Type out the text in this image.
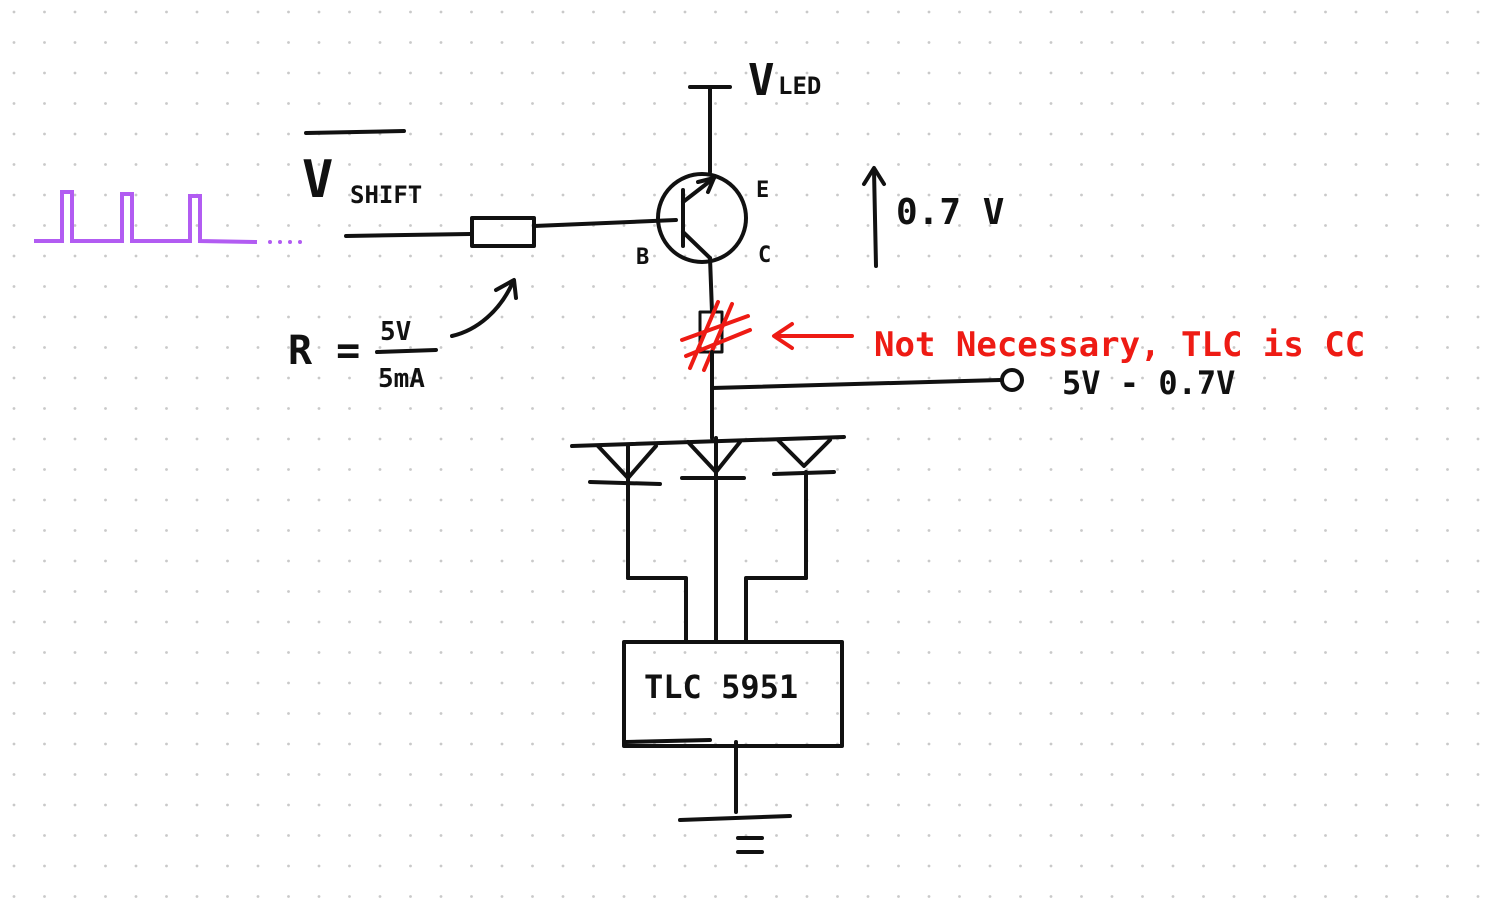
V SHIFT
R = 5V
5mA
V LED
E
C
B
0.7 V
Not Necessary, TLC is CC
5V - 0.7V
TLC 5951
